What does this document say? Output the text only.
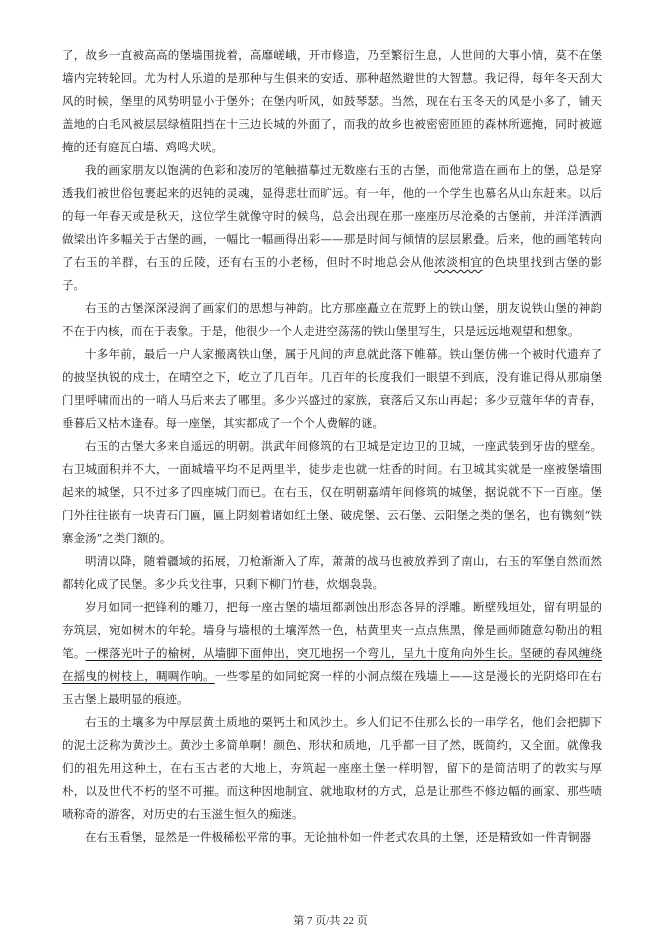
了，故乡一直被高高的堡墙围拢着，高靡嵯峨，开市修造，乃至繁衍生息，人世间的大事小情，莫不在堡墙内完转轮回。尤为村人乐道的是那种与生俱来的安适、那种超然避世的大智慧。我记得，每年冬天刮大风的时候，堡里的风势明显小于堡外；在堡内听风，如鼓琴瑟。当然，现在右玉冬天的风是小多了，铺天盖地的白毛风被层层绿植阻挡在十三边长城的外面了，而我的故乡也被密密匝匝的森林所遮掩，同时被遮掩的还有庭瓦白墙、鸡鸣犬吠。

我的画家朋友以饱满的色彩和凌厉的笔触描摹过无数座右玉的古堡，而他常造在画布上的堡，总是穿透我们被世俗包裹起来的迟钝的灵魂，显得悲壮而旷远。有一年，他的一个学生也慕名从山东赶来。以后的每一年春天或是秋天，这位学生就像守时的候鸟，总会出现在那一座座历尽沧桑的古堡前，并洋洋洒洒做梁出许多幅关于古堡的画，一幅比一幅画得出彩——那是时间与倾情的层层累叠。后来，他的画笔转向了右玉的羊群，右玉的丘陵，还有右玉的小老杨，但时不时地总会从他浓淡相宜的色块里找到古堡的影子。

右玉的古堡深深浸润了画家们的思想与神韵。比方那座矗立在荒野上的铁山堡，朋友说铁山堡的神韵不在于内核，而在于表象。于是，他很少一个人走进空荡荡的铁山堡里写生，只是远远地观望和想象。

十多年前，最后一户人家搬离铁山堡，属于凡间的声息就此落下帷幕。铁山堡仿佛一个被时代遗弃了的披坚执锐的戍士，在晴空之下，屹立了几百年。几百年的长度我们一眼望不到底，没有谁记得从那扇堡门里呼啸而出的一哨人马后来去了哪里。多少兴盛过的家族，衰落后又东山再起；多少豆蔻年华的青春，垂暮后又枯木逢春。每一座堡，其实都成了一个个人费解的谜。

右玉的古堡大多来自遥远的明朝。洪武年间修筑的右卫城是定边卫的卫城，一座武装到牙齿的壁垒。右卫城面积并不大，一面城墙平均不足两里半，徒步走也就一炷香的时间。右卫城其实就是一座被堡墙围起来的城堡，只不过多了四座城门而已。在右玉，仅在明朝嘉靖年间修筑的城堡，据说就不下一百座。堡门外往往嵌有一块青石门匾，匾上阴刻着诸如红土堡、破虎堡、云石堡、云阳堡之类的堡名，也有镌刻“铁寨金汤”之类门额的。

明清以降，随着疆域的拓展，刀枪渐渐入了库，萧萧的战马也被放养到了南山，右玉的军堡自然而然都转化成了民堡。多少兵戈往事，只剩下柳门竹巷，炊烟袅袅。

岁月如同一把锋利的雕刀，把每一座古堡的墙垣都剥蚀出形态各异的浮雕。断壁残垣处，留有明显的夯筑层，宛如树木的年轮。墙身与墙根的土壤浑然一色，枯黄里夹一点点焦黑，像是画师随意勾勒出的粗笔。一棵落光叶子的榆树，从墙脚下面伸出，突兀地拐一个弯儿，呈九十度角向外生长。坚硬的春风缠绕在摇曳的树枝上，啁啁作响。一些零星的如同蛇窝一样的小洞点缀在残墙上——这是漫长的光阴烙印在右玉古堡上最明显的痕迹。

右玉的土壤多为中厚层黄土质地的栗钙土和风沙土。乡人们记不住那么长的一串学名，他们会把脚下的泥土泛称为黄沙土。黄沙土多简单啊！颜色、形状和质地，几乎都一目了然，既简约，又全面。就像我们的祖先用这种土，在右玉古老的大地上，夯筑起一座座土堡一样明智，留下的是简洁明了的敦实与厚朴，以及世代不朽的坚不可摧。而这种因地制宜、就地取材的方式，总是让那些不修边幅的画家、那些啧啧称奇的游客，对历史的右玉滋生恒久的痴迷。

在右玉看堡，显然是一件极稀松平常的事。无论抽朴如一件老式农具的土堡，还是精致如一件青铜器

第 7 页/共 22 页
